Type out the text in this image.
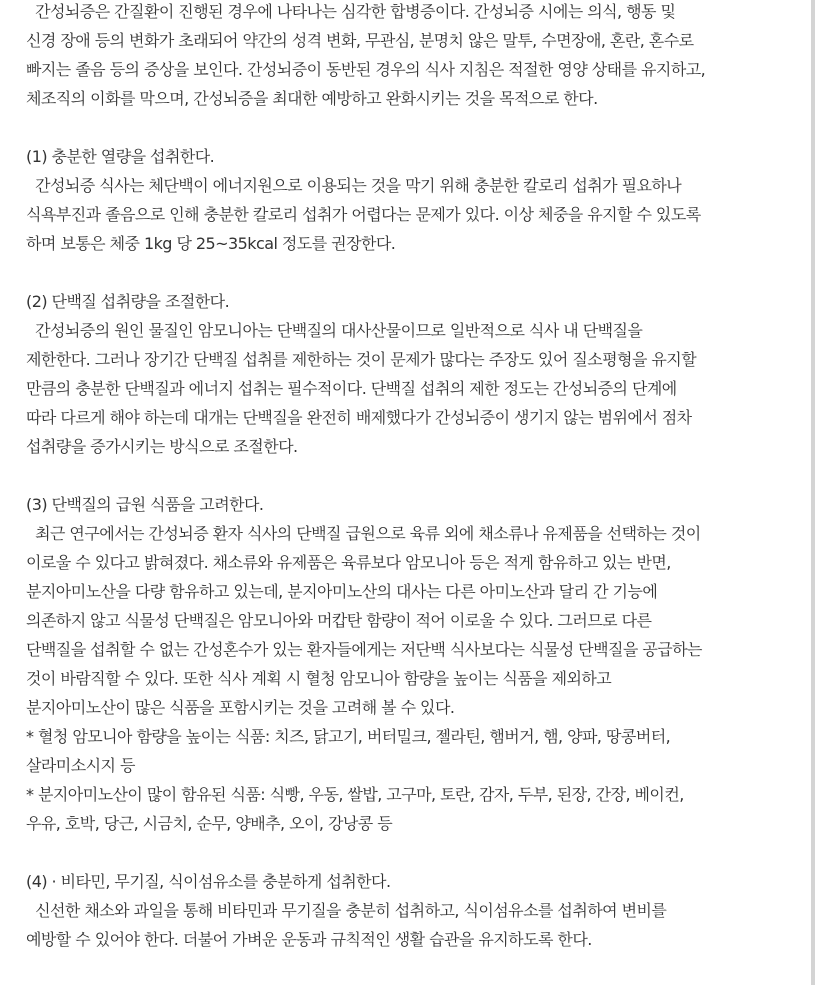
간성뇌증은 간질환이 진행된 경우에 나타나는 심각한 합병증이다. 간성뇌증 시에는 의식, 행동 및
신경 장애 등의 변화가 초래되어 약간의 성격 변화, 무관심, 분명치 않은 말투, 수면장애, 혼란, 혼수로
빠지는 졸음 등의 증상을 보인다. 간성뇌증이 동반된 경우의 식사 지침은 적절한 영양 상태를 유지하고,
체조직의 이화를 막으며, 간성뇌증을 최대한 예방하고 완화시키는 것을 목적으로 한다.
(1) 충분한 열량을 섭취한다.
간성뇌증 식사는 체단백이 에너지원으로 이용되는 것을 막기 위해 충분한 칼로리 섭취가 필요하나
식욕부진과 졸음으로 인해 충분한 칼로리 섭취가 어렵다는 문제가 있다. 이상 체중을 유지할 수 있도록
하며 보통은 체중 1kg 당 25~35kcal 정도를 권장한다.
(2) 단백질 섭취량을 조절한다.
간성뇌증의 원인 물질인 암모니아는 단백질의 대사산물이므로 일반적으로 식사 내 단백질을
제한한다. 그러나 장기간 단백질 섭취를 제한하는 것이 문제가 많다는 주장도 있어 질소평형을 유지할
만큼의 충분한 단백질과 에너지 섭취는 필수적이다. 단백질 섭취의 제한 정도는 간성뇌증의 단계에
따라 다르게 해야 하는데 대개는 단백질을 완전히 배제했다가 간성뇌증이 생기지 않는 범위에서 점차
섭취량을 증가시키는 방식으로 조절한다.
(3) 단백질의 급원 식품을 고려한다.
최근 연구에서는 간성뇌증 환자 식사의 단백질 급원으로 육류 외에 채소류나 유제품을 선택하는 것이
이로울 수 있다고 밝혀졌다. 채소류와 유제품은 육류보다 암모니아 등은 적게 함유하고 있는 반면,
분지아미노산을 다량 함유하고 있는데, 분지아미노산의 대사는 다른 아미노산과 달리 간 기능에
의존하지 않고 식물성 단백질은 암모니아와 머캅탄 함량이 적어 이로울 수 있다. 그러므로 다른
단백질을 섭취할 수 없는 간성혼수가 있는 환자들에게는 저단백 식사보다는 식물성 단백질을 공급하는
것이 바람직할 수 있다. 또한 식사 계획 시 혈청 암모니아 함량을 높이는 식품을 제외하고
분지아미노산이 많은 식품을 포함시키는 것을 고려해 볼 수 있다.
* 혈청 암모니아 함량을 높이는 식품: 치즈, 닭고기, 버터밀크, 젤라틴, 햄버거, 햄, 양파, 땅콩버터,
살라미소시지 등
* 분지아미노산이 많이 함유된 식품: 식빵, 우동, 쌀밥, 고구마, 토란, 감자, 두부, 된장, 간장, 베이컨,
우유, 호박, 당근, 시금치, 순무, 양배추, 오이, 강낭콩 등
(4) · 비타민, 무기질, 식이섬유소를 충분하게 섭취한다.
신선한 채소와 과일을 통해 비타민과 무기질을 충분히 섭취하고, 식이섬유소를 섭취하여 변비를
예방할 수 있어야 한다. 더불어 가벼운 운동과 규칙적인 생활 습관을 유지하도록 한다.
